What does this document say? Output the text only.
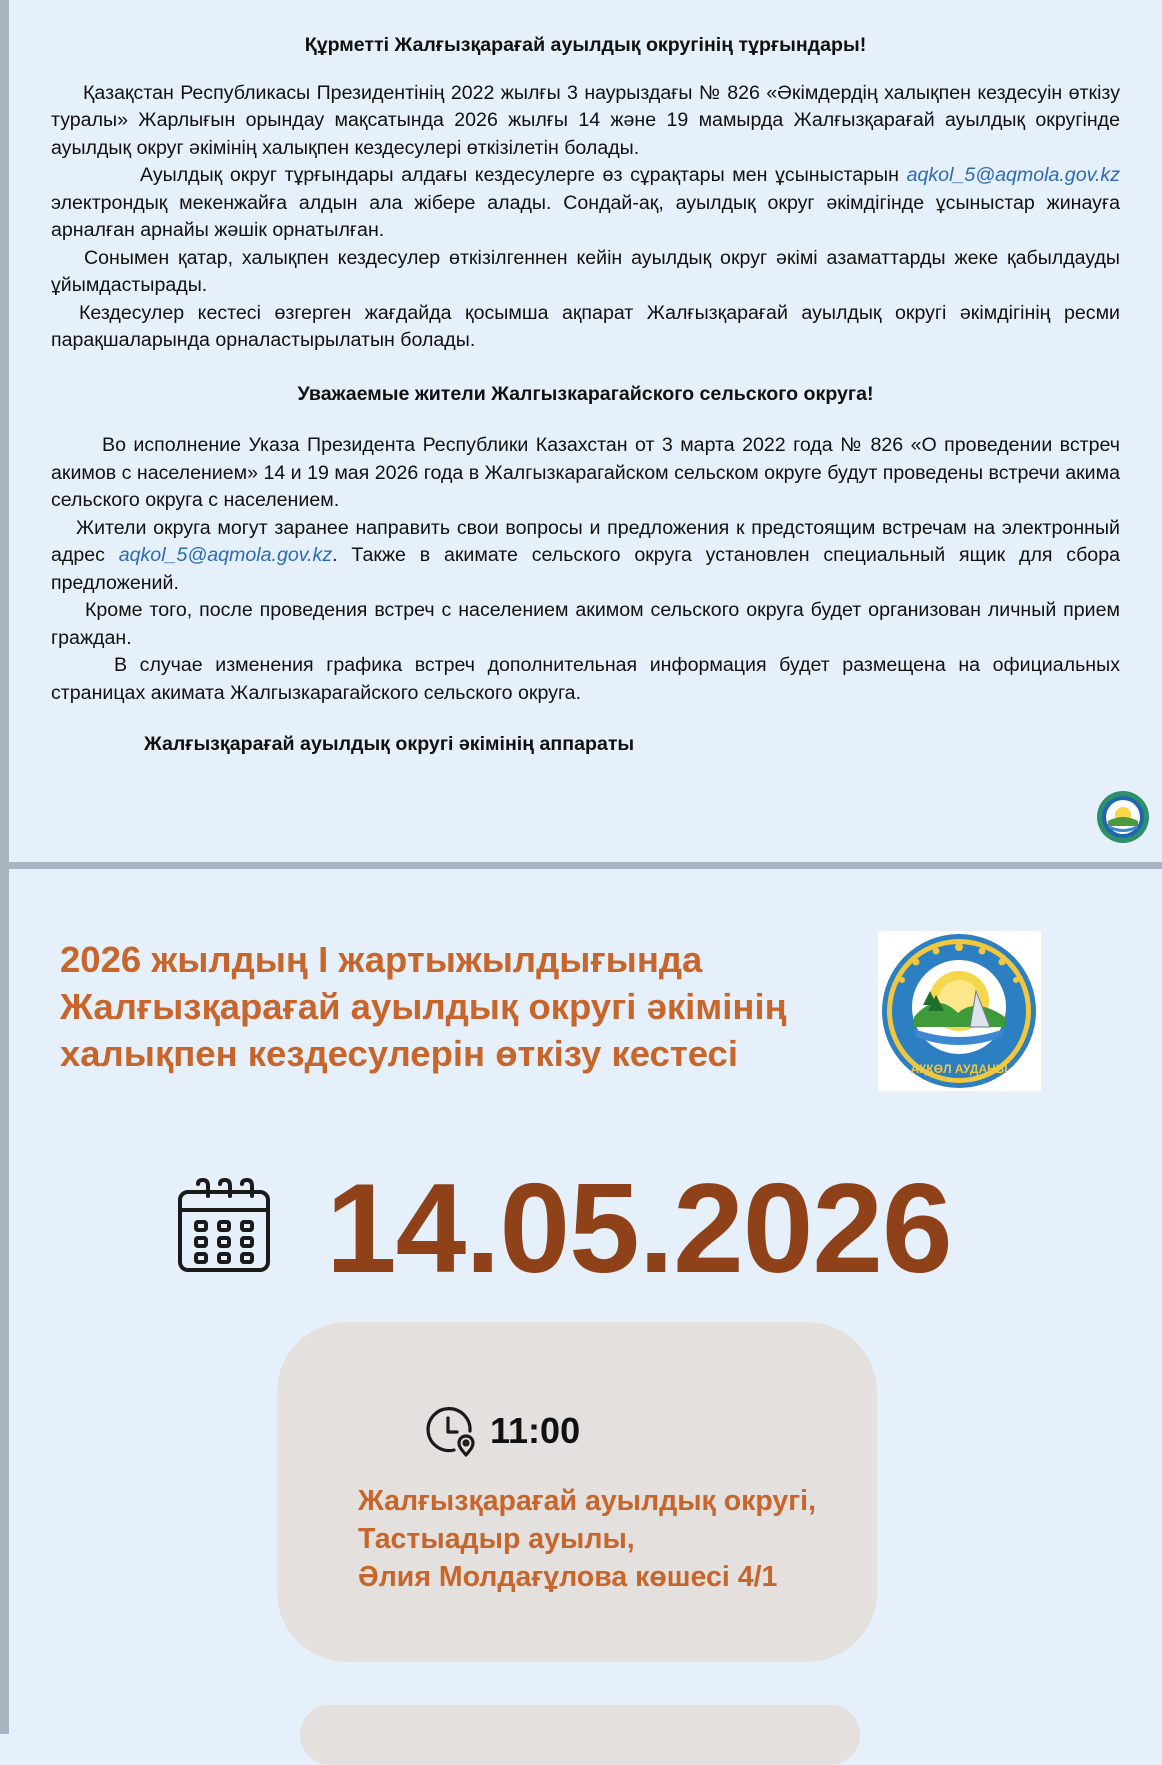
Құрметті Жалғызқарағай ауылдық округінің тұрғындары!

Қазақстан Республикасы Президентінің 2022 жылғы 3 наурыздағы № 826 «Әкімдердің халықпен кездесуін өткізу туралы» Жарлығын орындау мақсатында 2026 жылғы 14 және 19 мамырда Жалғызқарағай ауылдық округінде ауылдық округ әкімінің халықпен кездесулері өткізілетін болады.

Ауылдық округ тұрғындары алдағы кездесулерге өз сұрақтары мен ұсыныстарын aqkol_5@aqmola.gov.kz электрондық мекенжайға алдын ала жібере алады. Сондай-ақ, ауылдық округ әкімдігінде ұсыныстар жинауға арналған арнайы жәшік орнатылған.

Сонымен қатар, халықпен кездесулер өткізілгеннен кейін ауылдық округ әкімі азаматтарды жеке қабылдауды ұйымдастырады.

Кездесулер кестесі өзгерген жағдайда қосымша ақпарат Жалғызқарағай ауылдық округі әкімдігінің ресми парақшаларында орналастырылатын болады.

Уважаемые жители Жалгызкарагайского сельского округа!

Во исполнение Указа Президента Республики Казахстан от 3 марта 2022 года № 826 «О проведении встреч акимов с населением» 14 и 19 мая 2026 года в Жалгызкарагайском сельском округе будут проведены встречи акима сельского округа с населением.

Жители округа могут заранее направить свои вопросы и предложения к предстоящим встречам на электронный адрес aqkol_5@aqmola.gov.kz. Также в акимате сельского округа установлен специальный ящик для сбора предложений.

Кроме того, после проведения встреч с населением акимом сельского округа будет организован личный прием граждан.

В случае изменения графика встреч дополнительная информация будет размещена на официальных страницах акимата Жалгызкарагайского сельского округа.

Жалғызқарағай ауылдық округі әкімінің аппараты

2026 жылдың І жартыжылдығында
Жалғызқарағай ауылдық округі әкімінің
халықпен кездесулерін өткізу кестесі	АҚКӨЛ АУДАНЫ
14.05.2026
11:00
Жалғызқарағай ауылдық округі,
Тастыадыр ауылы,
Әлия Молдағұлова көшесі 4/1
